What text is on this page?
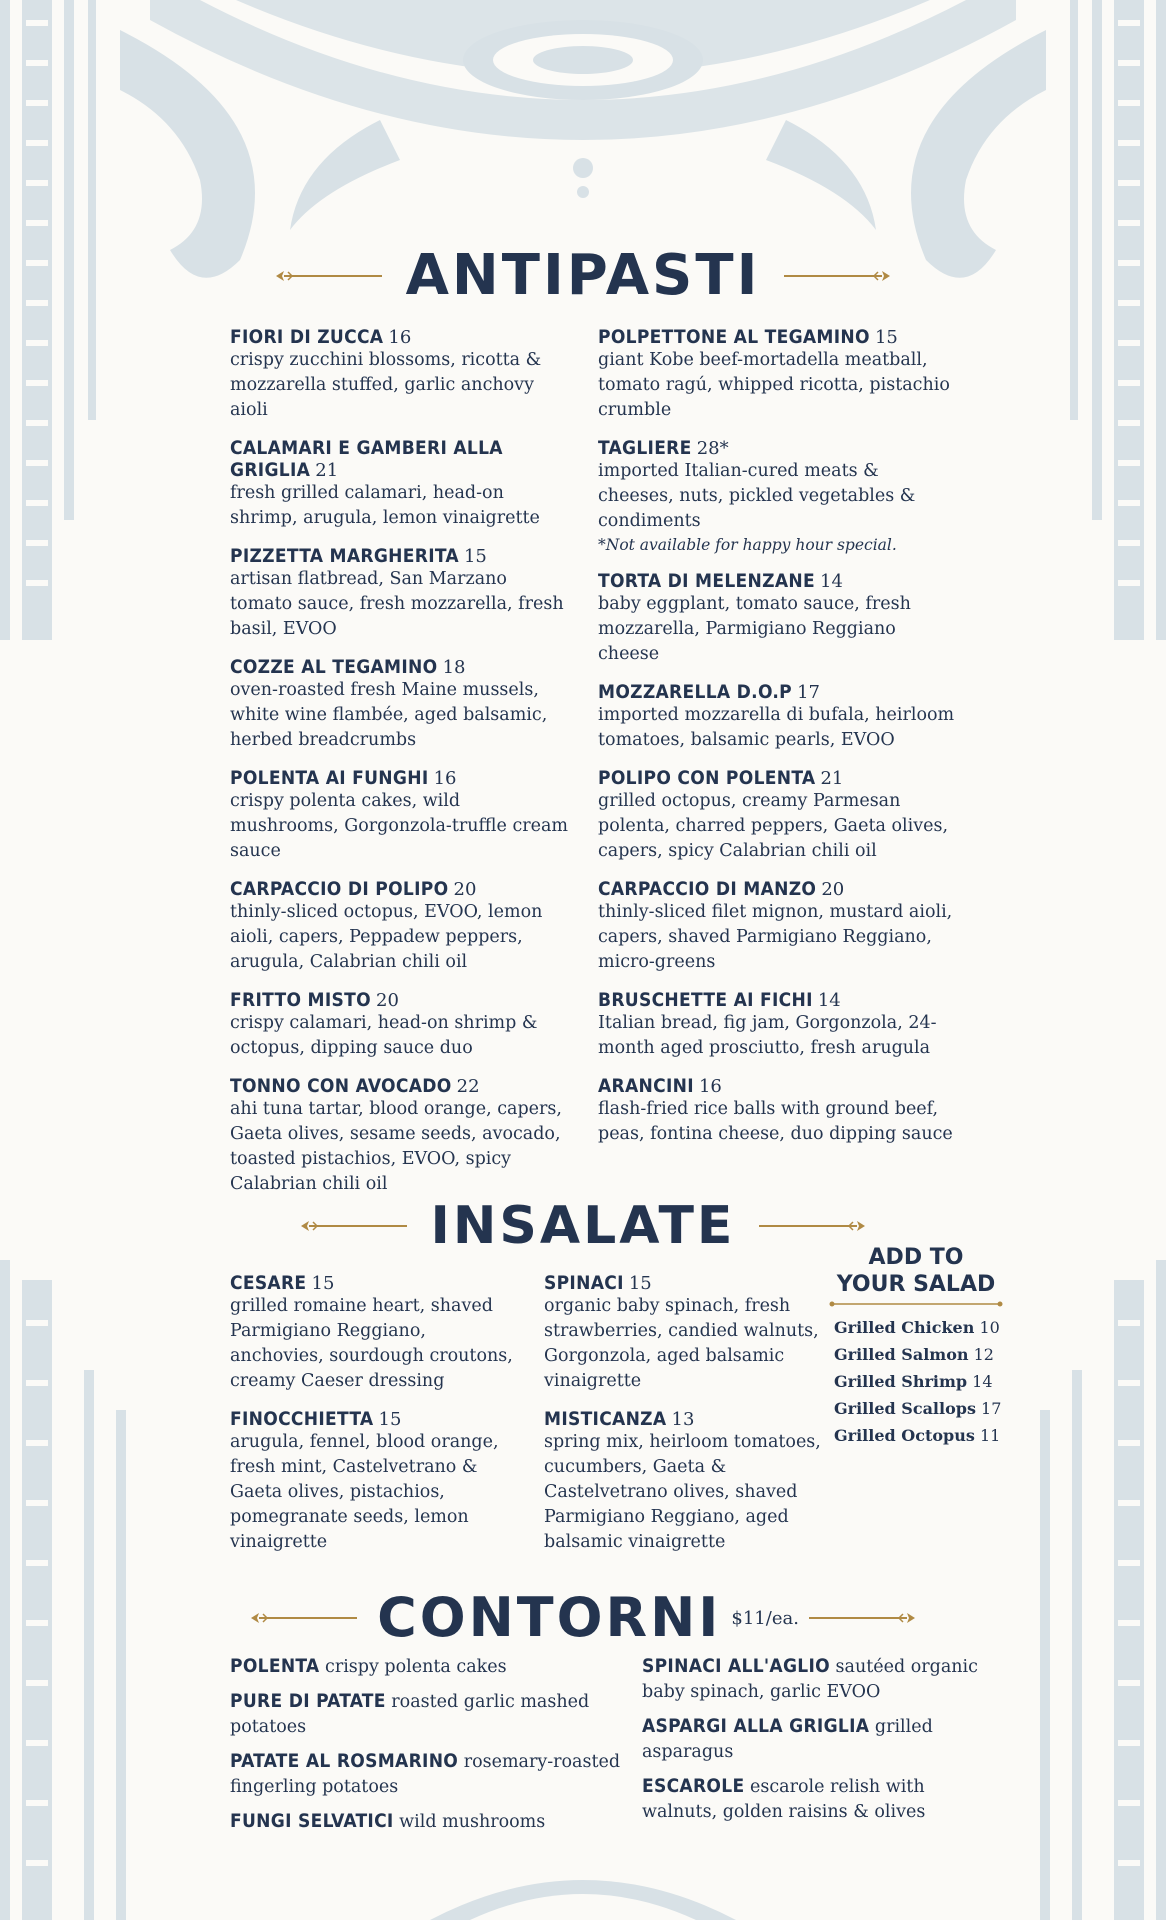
ANTIPASTI
FIORI DI ZUCCA 16
crispy zucchini blossoms, ricotta & mozzarella stuffed, garlic anchovy aioli
CALAMARI E GAMBERI ALLA GRIGLIA 21
fresh grilled calamari, head-on shrimp, arugula, lemon vinaigrette
PIZZETTA MARGHERITA 15
artisan flatbread, San Marzano tomato sauce, fresh mozzarella, fresh basil, EVOO
COZZE AL TEGAMINO 18
oven-roasted fresh Maine mussels, white wine flambée, aged balsamic, herbed breadcrumbs
POLENTA AI FUNGHI 16
crispy polenta cakes, wild mushrooms, Gorgonzola-truffle cream sauce
CARPACCIO DI POLIPO 20
thinly-sliced octopus, EVOO, lemon aioli, capers, Peppadew peppers, arugula, Calabrian chili oil
FRITTO MISTO 20
crispy calamari, head-on shrimp & octopus, dipping sauce duo
TONNO CON AVOCADO 22
ahi tuna tartar, blood orange, capers, Gaeta olives, sesame seeds, avocado, toasted pistachios, EVOO, spicy Calabrian chili oil
POLPETTONE AL TEGAMINO 15
giant Kobe beef-mortadella meatball, tomato ragú, whipped ricotta, pistachio crumble
TAGLIERE 28*
imported Italian-cured meats & cheeses, nuts, pickled vegetables & condiments
*Not available for happy hour special.
TORTA DI MELENZANE 14
baby eggplant, tomato sauce, fresh mozzarella, Parmigiano Reggiano cheese
MOZZARELLA D.O.P 17
imported mozzarella di bufala, heirloom tomatoes, balsamic pearls, EVOO
POLIPO CON POLENTA 21
grilled octopus, creamy Parmesan polenta, charred peppers, Gaeta olives, capers, spicy Calabrian chili oil
CARPACCIO DI MANZO 20
thinly-sliced filet mignon, mustard aioli, capers, shaved Parmigiano Reggiano, micro-greens
BRUSCHETTE AI FICHI 14
Italian bread, fig jam, Gorgonzola, 24-month aged prosciutto, fresh arugula
ARANCINI 16
flash-fried rice balls with ground beef, peas, fontina cheese, duo dipping sauce
INSALATE
CESARE 15
grilled romaine heart, shaved Parmigiano Reggiano, anchovies, sourdough croutons, creamy Caeser dressing
FINOCCHIETTA 15
arugula, fennel, blood orange, fresh mint, Castelvetrano & Gaeta olives, pistachios, pomegranate seeds, lemon vinaigrette
SPINACI 15
organic baby spinach, fresh strawberries, candied walnuts, Gorgonzola, aged balsamic vinaigrette
MISTICANZA 13
spring mix, heirloom tomatoes, cucumbers, Gaeta & Castelvetrano olives, shaved Parmigiano Reggiano, aged balsamic vinaigrette
ADD TO
YOUR SALAD
Grilled Chicken 10
Grilled Salmon 12
Grilled Shrimp 14
Grilled Scallops 17
Grilled Octopus 11
CONTORNI $11/ea.
POLENTA crispy polenta cakes
PURE DI PATATE roasted garlic mashed potatoes
PATATE AL ROSMARINO rosemary-roasted fingerling potatoes
FUNGI SELVATICI wild mushrooms
SPINACI ALL'AGLIO sautéed organic baby spinach, garlic EVOO
ASPARGI ALLA GRIGLIA grilled asparagus
ESCAROLE escarole relish with walnuts, golden raisins & olives
